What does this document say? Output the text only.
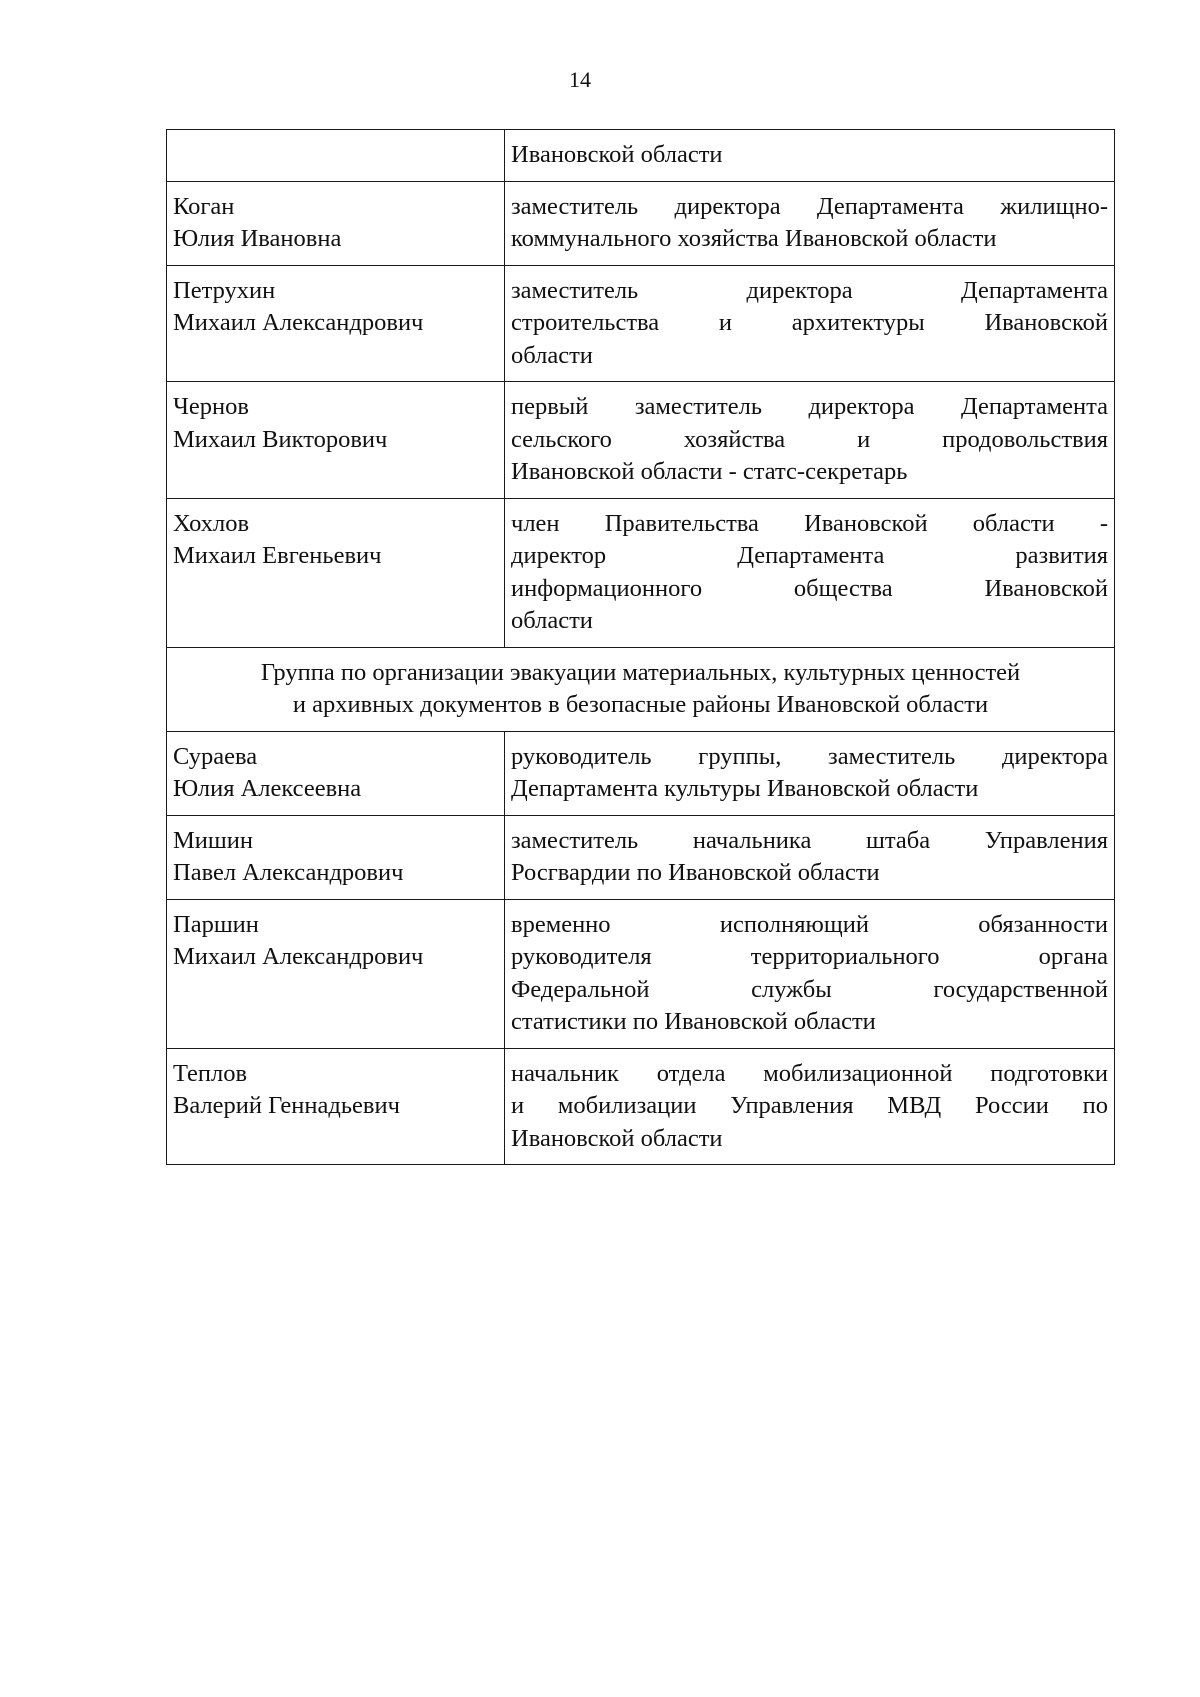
14

	Ивановской области

Коган
Юлия Ивановна	заместитель директора Департамента жилищно-
коммунального хозяйства Ивановской области

Петрухин
Михаил Александрович	заместитель директора Департамента
строительства и архитектуры Ивановской
области

Чернов
Михаил Викторович	первый заместитель директора Департамента
сельского хозяйства и продовольствия
Ивановской области - статс-секретарь

Хохлов
Михаил Евгеньевич	член Правительства Ивановской области -
директор Департамента развития
информационного общества Ивановской
области

Группа по организации эвакуации материальных, культурных ценностей
и архивных документов в безопасные районы Ивановской области	

Сураева
Юлия Алексеевна	руководитель группы, заместитель директора
Департамента культуры Ивановской области

Мишин
Павел Александрович	заместитель начальника штаба Управления
Росгвардии по Ивановской области

Паршин
Михаил Александрович	временно исполняющий обязанности
руководителя территориального органа
Федеральной службы государственной
статистики по Ивановской области

Теплов
Валерий Геннадьевич	начальник отдела мобилизационной подготовки
и мобилизации Управления МВД России по
Ивановской области
